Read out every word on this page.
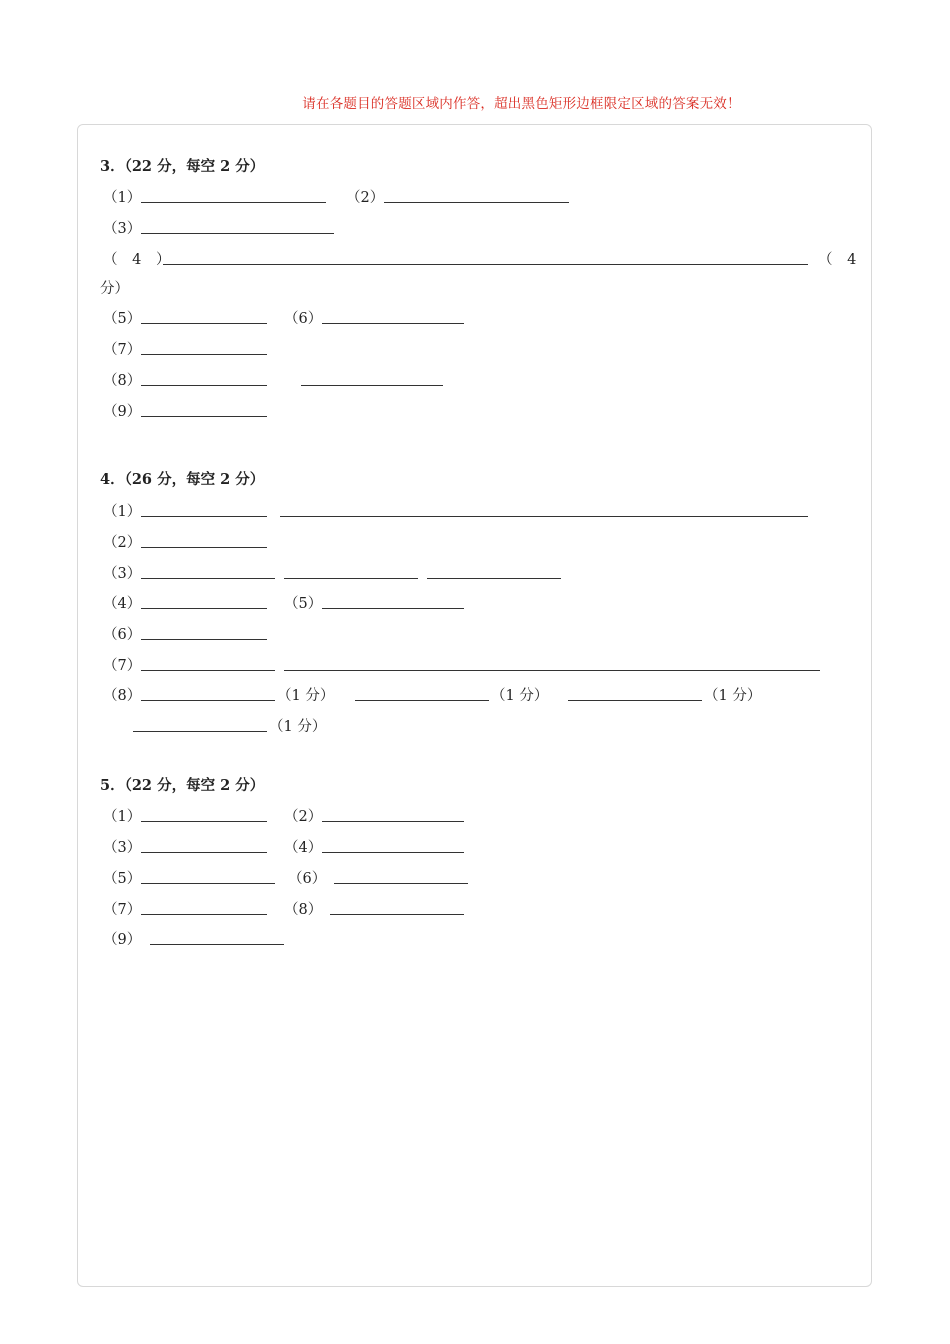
请在各题目的答题区域内作答，超出黑色矩形边框限定区域的答案无效！
3．（22 分，每空 2 分）
（1）	（2）
（3）
（ 4 ）	（ 4
分）
（5）	（6）
（7）
（8）
（9）
4．（26 分，每空 2 分）
（1）
（2）
（3）
（4）	（5）
（6）
（7）
（8）	（1 分）	（1 分）	（1 分）
（1 分）
5．（22 分，每空 2 分）
（1）	（2）
（3）	（4）
（5）	（6）
（7）	（8）
（9）
